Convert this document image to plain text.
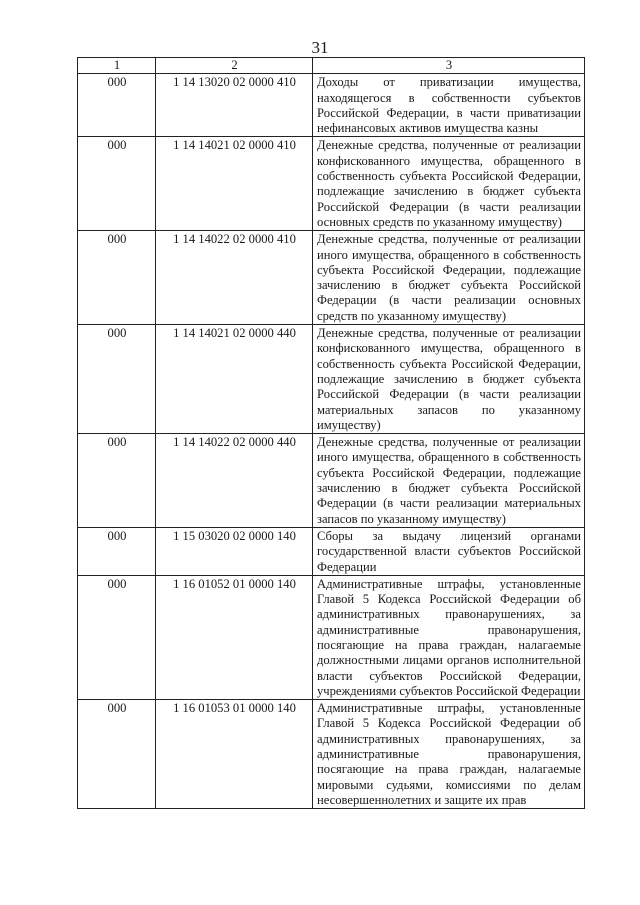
31
1	2	3
000	1 14 13020 02 0000 410	Доходы от приватизации имущества, находящегося в собственности субъектов Российской Федерации, в части приватизации нефинансовых активов имущества казны
000	1 14 14021 02 0000 410	Денежные средства, полученные от реализации конфискованного имущества, обращенного в собственность субъекта Российской Федерации, подлежащие зачислению в бюджет субъекта Российской Федерации (в части реализации основных средств по указанному имуществу)
000	1 14 14022 02 0000 410	Денежные средства, полученные от реализации иного имущества, обращенного в собственность субъекта Российской Федерации, подлежащие зачислению в бюджет субъекта Российской Федерации (в части реализации основных средств по указанному имуществу)
000	1 14 14021 02 0000 440	Денежные средства, полученные от реализации конфискованного имущества, обращенного в собственность субъекта Российской Федерации, подлежащие зачислению в бюджет субъекта Российской Федерации (в части реализации материальных запасов по указанному имуществу)
000	1 14 14022 02 0000 440	Денежные средства, полученные от реализации иного имущества, обращенного в собственность субъекта Российской Федерации, подлежащие зачислению в бюджет субъекта Российской Федерации (в части реализации материальных запасов по указанному имуществу)
000	1 15 03020 02 0000 140	Сборы за выдачу лицензий органами государственной власти субъектов Российской Федерации
000	1 16 01052 01 0000 140	Административные штрафы, установленные Главой 5 Кодекса Российской Федерации об административных правонарушениях, за административные правонарушения, посягающие на права граждан, налагаемые должностными лицами органов исполнительной власти субъектов Российской Федерации, учреждениями субъектов Российской Федерации
000	1 16 01053 01 0000 140	Административные штрафы, установленные Главой 5 Кодекса Российской Федерации об административных правонарушениях, за административные правонарушения, посягающие на права граждан, налагаемые мировыми судьями, комиссиями по делам несовершеннолетних и защите их прав
